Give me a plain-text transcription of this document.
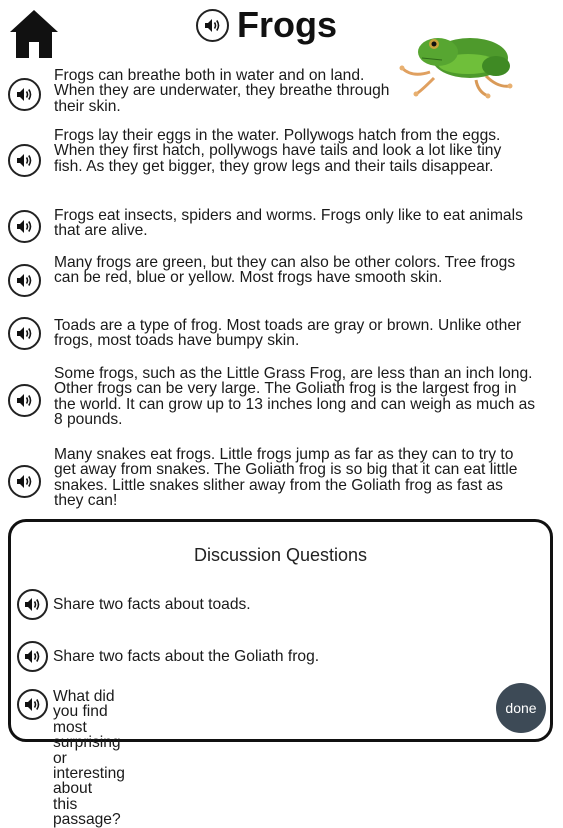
Frogs

Frogs can breathe both in water and on land. When they are underwater, they breathe through their skin.

Frogs lay their eggs in the water. Pollywogs hatch from the eggs. When they first hatch, pollywogs have tails and look a lot like tiny fish. As they get bigger, they grow legs and their tails disappear.

Frogs eat insects, spiders and worms. Frogs only like to eat animals that are alive.

Many frogs are green, but they can also be other colors. Tree frogs can be red, blue or yellow. Most frogs have smooth skin.

Toads are a type of frog. Most toads are gray or brown. Unlike other frogs, most toads have bumpy skin.

Some frogs, such as the Little Grass Frog, are less than an inch long. Other frogs can be very large. The Goliath frog is the largest frog in the world. It can grow up to 13 inches long and can weigh as much as 8 pounds.

Many snakes eat frogs. Little frogs jump as far as they can to try to get away from snakes. The Goliath frog is so big that it can eat little snakes. Little snakes slither away from the Goliath frog as fast as they can!

Discussion Questions

Share two facts about toads.

Share two facts about the Goliath frog.

What did you find most surprising or interesting about
this passage?

done
